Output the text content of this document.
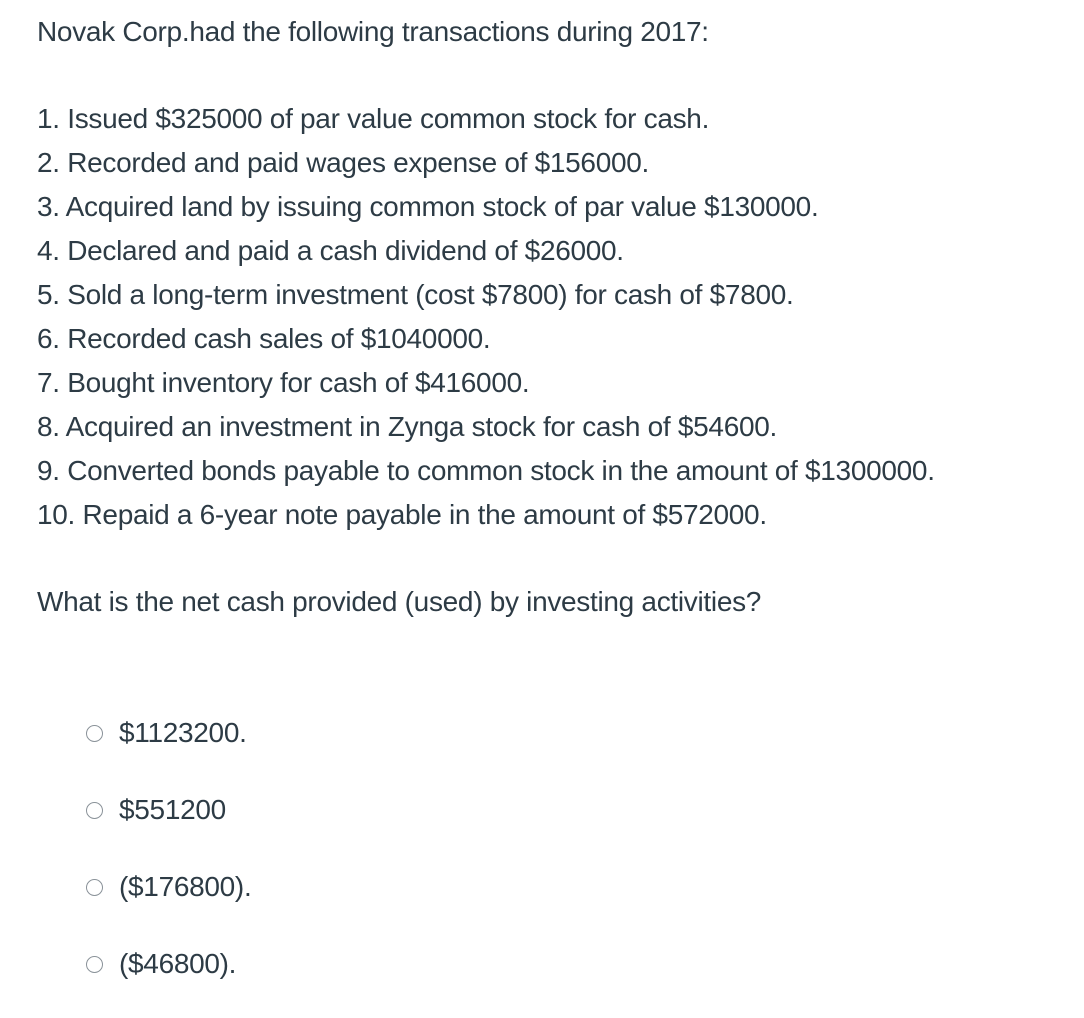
Novak Corp.had the following transactions during 2017:

1. Issued $325000 of par value common stock for cash.
2. Recorded and paid wages expense of $156000.
3. Acquired land by issuing common stock of par value $130000.
4. Declared and paid a cash dividend of $26000.
5. Sold a long-term investment (cost $7800) for cash of $7800.
6. Recorded cash sales of $1040000.
7. Bought inventory for cash of $416000.
8. Acquired an investment in Zynga stock for cash of $54600.
9. Converted bonds payable to common stock in the amount of $1300000.
10. Repaid a 6-year note payable in the amount of $572000.

What is the net cash provided (used) by investing activities?

$1123200.
$551200
($176800).
($46800).
